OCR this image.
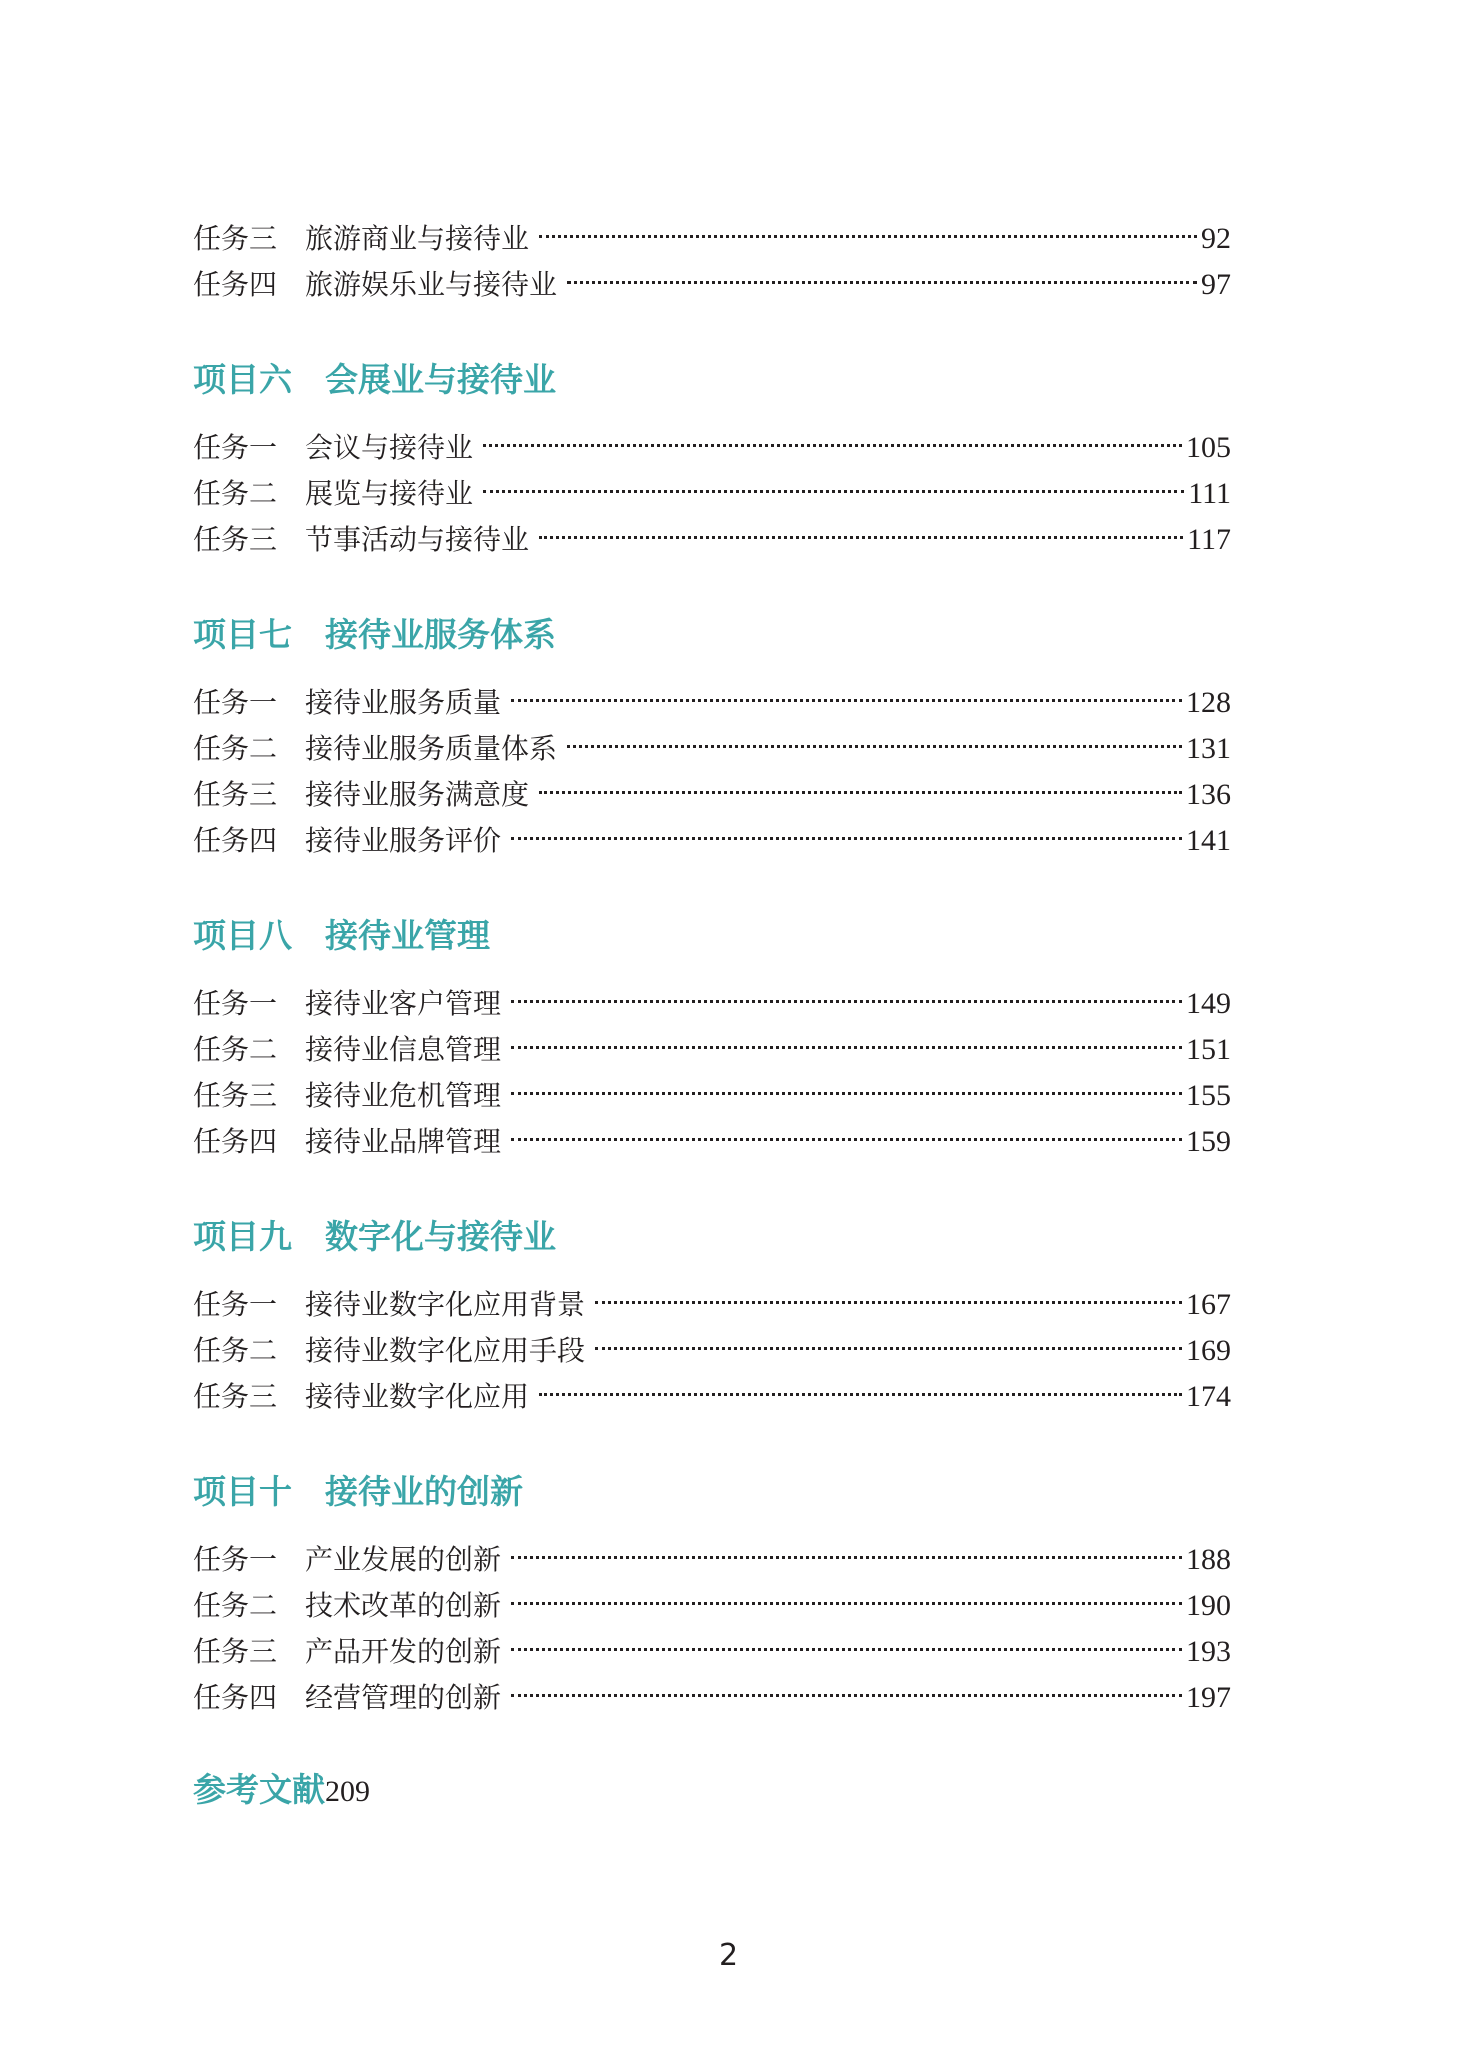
任务三 旅游商业与接待业	92
任务四 旅游娱乐业与接待业	97
项目六	会展业与接待业
任务一 会议与接待业	105
任务二 展览与接待业	111
任务三 节事活动与接待业	117
项目七	接待业服务体系
任务一 接待业服务质量	128
任务二 接待业服务质量体系	131
任务三 接待业服务满意度	136
任务四 接待业服务评价	141
项目八	接待业管理
任务一 接待业客户管理	149
任务二 接待业信息管理	151
任务三 接待业危机管理	155
任务四 接待业品牌管理	159
项目九	数字化与接待业
任务一 接待业数字化应用背景	167
任务二 接待业数字化应用手段	169
任务三 接待业数字化应用	174
项目十	接待业的创新
任务一 产业发展的创新	188
任务二 技术改革的创新	190
任务三 产品开发的创新	193
任务四 经营管理的创新	197
参考文献 209
2
